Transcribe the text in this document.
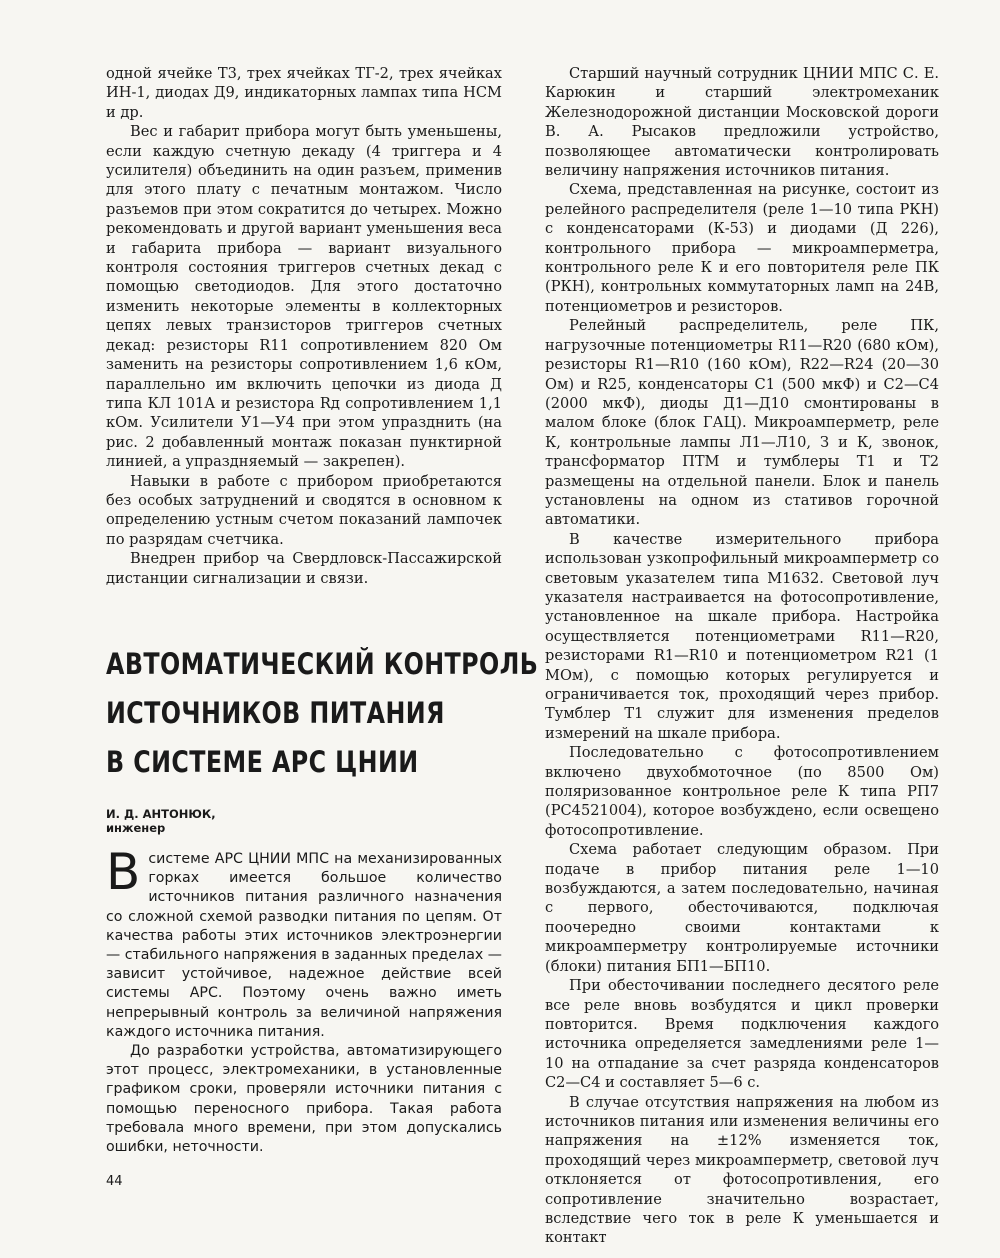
одной ячейке Т3, трех ячейках ТГ-2, трех ячейках ИН-1, диодах Д9, индикаторных лампах типа НСМ и др.

Вес и габарит прибора могут быть уменьшены, если каждую счетную декаду (4 триггера и 4 усилителя) объединить на один разъем, применив для этого плату с печатным монтажом. Число разъемов при этом сократится до четырех. Можно рекомендовать и другой вариант уменьшения веса и габарита прибора — вариант визуального контроля состояния триггеров счетных декад с помощью светодиодов. Для этого достаточно изменить некоторые элементы в коллекторных цепях левых транзисторов триггеров счетных декад: резисторы R11 сопротивлением 820 Ом заменить на резисторы сопротивлением 1,6 кОм, параллельно им включить цепочки из диода Д типа КЛ 101А и резистора Rд сопротивлением 1,1 кОм. Усилители У1—У4 при этом упразднить (на рис. 2 добавленный монтаж показан пунктирной линией, а упраздняемый — закрепен).

Навыки в работе с прибором приобретаются без особых затруднений и сводятся в основном к определению устным счетом показаний лампочек по разрядам счетчика.

Внедрен прибор ча Свердловск-Пассажирской дистанции сигнализации и связи.

АВТОМАТИЧЕСКИЙ КОНТРОЛЬ
ИСТОЧНИКОВ ПИТАНИЯ
В СИСТЕМЕ АРС ЦНИИ
И. Д. АНТОНЮК,
инженер

Всистеме АРС ЦНИИ МПС на механизированных горках имеется большое количество источников питания различного назначения со сложной схемой разводки питания по цепям. От качества работы этих источников электроэнергии — стабильного напряжения в заданных пределах — зависит устойчивое, надежное действие всей системы АРС. Поэтому очень важно иметь непрерывный контроль за величиной напряжения каждого источника питания.

До разработки устройства, автоматизирующего этот процесс, электромеханики, в установленные графиком сроки, проверяли источники питания с помощью переносного прибора. Такая работа требовала много времени, при этом допускались ошибки, неточности.

Старший научный сотрудник ЦНИИ МПС С. Е. Карюкин и старший электромеханик Железнодорожной дистанции Московской дороги В. А. Рысаков предложили устройство, позволяющее автоматически контролировать величину напряжения источников питания.

Схема, представленная на рисунке, состоит из релейного распределителя (реле 1—10 типа РКН) с конденсаторами (К-53) и диодами (Д 226), контрольного прибора — микроамперметра, контрольного реле К и его повторителя реле ПК (РКН), контрольных коммутаторных ламп на 24В, потенциометров и резисторов.

Релейный распределитель, реле ПК, нагрузочные потенциометры R11—R20 (680 кОм), резисторы R1—R10 (160 кОм), R22—R24 (20—30 Ом) и R25, конденсаторы С1 (500 мкФ) и С2—С4 (2000 мкФ), диоды Д1—Д10 смонтированы в малом блоке (блок ГАЦ). Микроамперметр, реле К, контрольные лампы Л1—Л10, З и К, звонок, трансформатор ПТМ и тумблеры Т1 и Т2 размещены на отдельной панели. Блок и панель установлены на одном из стативов горочной автоматики.

В качестве измерительного прибора использован узкопрофильный микроамперметр со световым указателем типа М1632. Световой луч указателя настраивается на фотосопротивление, установленное на шкале прибора. Настройка осуществляется потенциометрами R11—R20, резисторами R1—R10 и потенциометром R21 (1 МОм), с помощью которых регулируется и ограничивается ток, проходящий через прибор. Тумблер Т1 служит для изменения пределов измерений на шкале прибора.

Последовательно с фотосопротивлением включено двухобмоточное (по 8500 Ом) поляризованное контрольное реле К типа РП7 (РС4521004), которое возбуждено, если освещено фотосопротивление.

Схема работает следующим образом. При подаче в прибор питания реле 1—10 возбуждаются, а затем последовательно, начиная с первого, обесточиваются, подключая поочередно своими контактами к микроамперметру контролируемые источники (блоки) питания БП1—БП10.

При обесточивании последнего десятого реле все реле вновь возбудятся и цикл проверки повторится. Время подключения каждого источника определяется замедлениями реле 1—10 на отпадание за счет разряда конденсаторов С2—С4 и составляет 5—6 с.

В случае отсутствия напряжения на любом из источников питания или изменения величины его напряжения на ±12% изменяется ток, проходящий через микроамперметр, световой луч отклоняется от фотосопротивления, его сопротивление значительно возрастает, вследствие чего ток в реле К уменьшается и контакт

44
